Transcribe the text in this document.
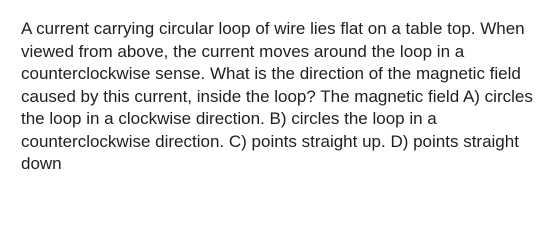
A current carrying circular loop of wire lies flat on a table top. When viewed from above, the current moves around the loop in a counterclockwise sense. What is the direction of the magnetic field caused by this current, inside the loop? The magnetic field A) circles the loop in a clockwise direction. B) circles the loop in a counterclockwise direction. C) points straight up. D) points straight down
